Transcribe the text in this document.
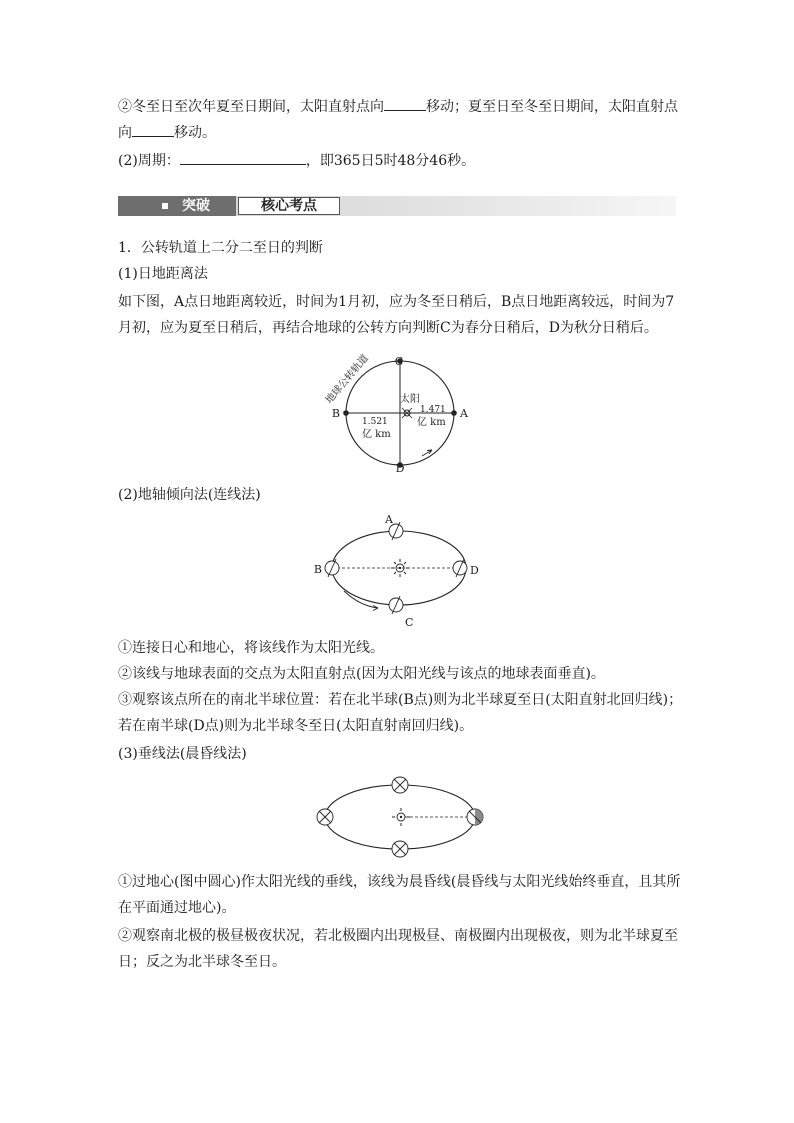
②冬至日至次年夏至日期间，太阳直射点向	移动；夏至日至冬至日期间，太阳直射点
向	移动。
(2)周期：	，即365日5时48分46秒。
突破	核心考点
1．公转轨道上二分二至日的判断
(1)日地距离法
如下图，A点日地距离较近，时间为1月初，应为冬至日稍后，B点日地距离较远，时间为7
月初，应为夏至日稍后，再结合地球的公转方向判断C为春分日稍后，D为秋分日稍后。
C
D
B	A
太阳
1.521
亿 km
1.471
亿 km
地球公转轨道
(2)地轴倾向法(连线法)
A
B
C
D
①连接日心和地心，将该线作为太阳光线。
②该线与地球表面的交点为太阳直射点(因为太阳光线与该点的地球表面垂直)。
③观察该点所在的南北半球位置：若在北半球(B点)则为北半球夏至日(太阳直射北回归线)；
若在南半球(D点)则为北半球冬至日(太阳直射南回归线)。
(3)垂线法(晨昏线法)
①过地心(图中圆心)作太阳光线的垂线，该线为晨昏线(晨昏线与太阳光线始终垂直，且其所
在平面通过地心)。
②观察南北极的极昼极夜状况，若北极圈内出现极昼、南极圈内出现极夜，则为北半球夏至
日；反之为北半球冬至日。
